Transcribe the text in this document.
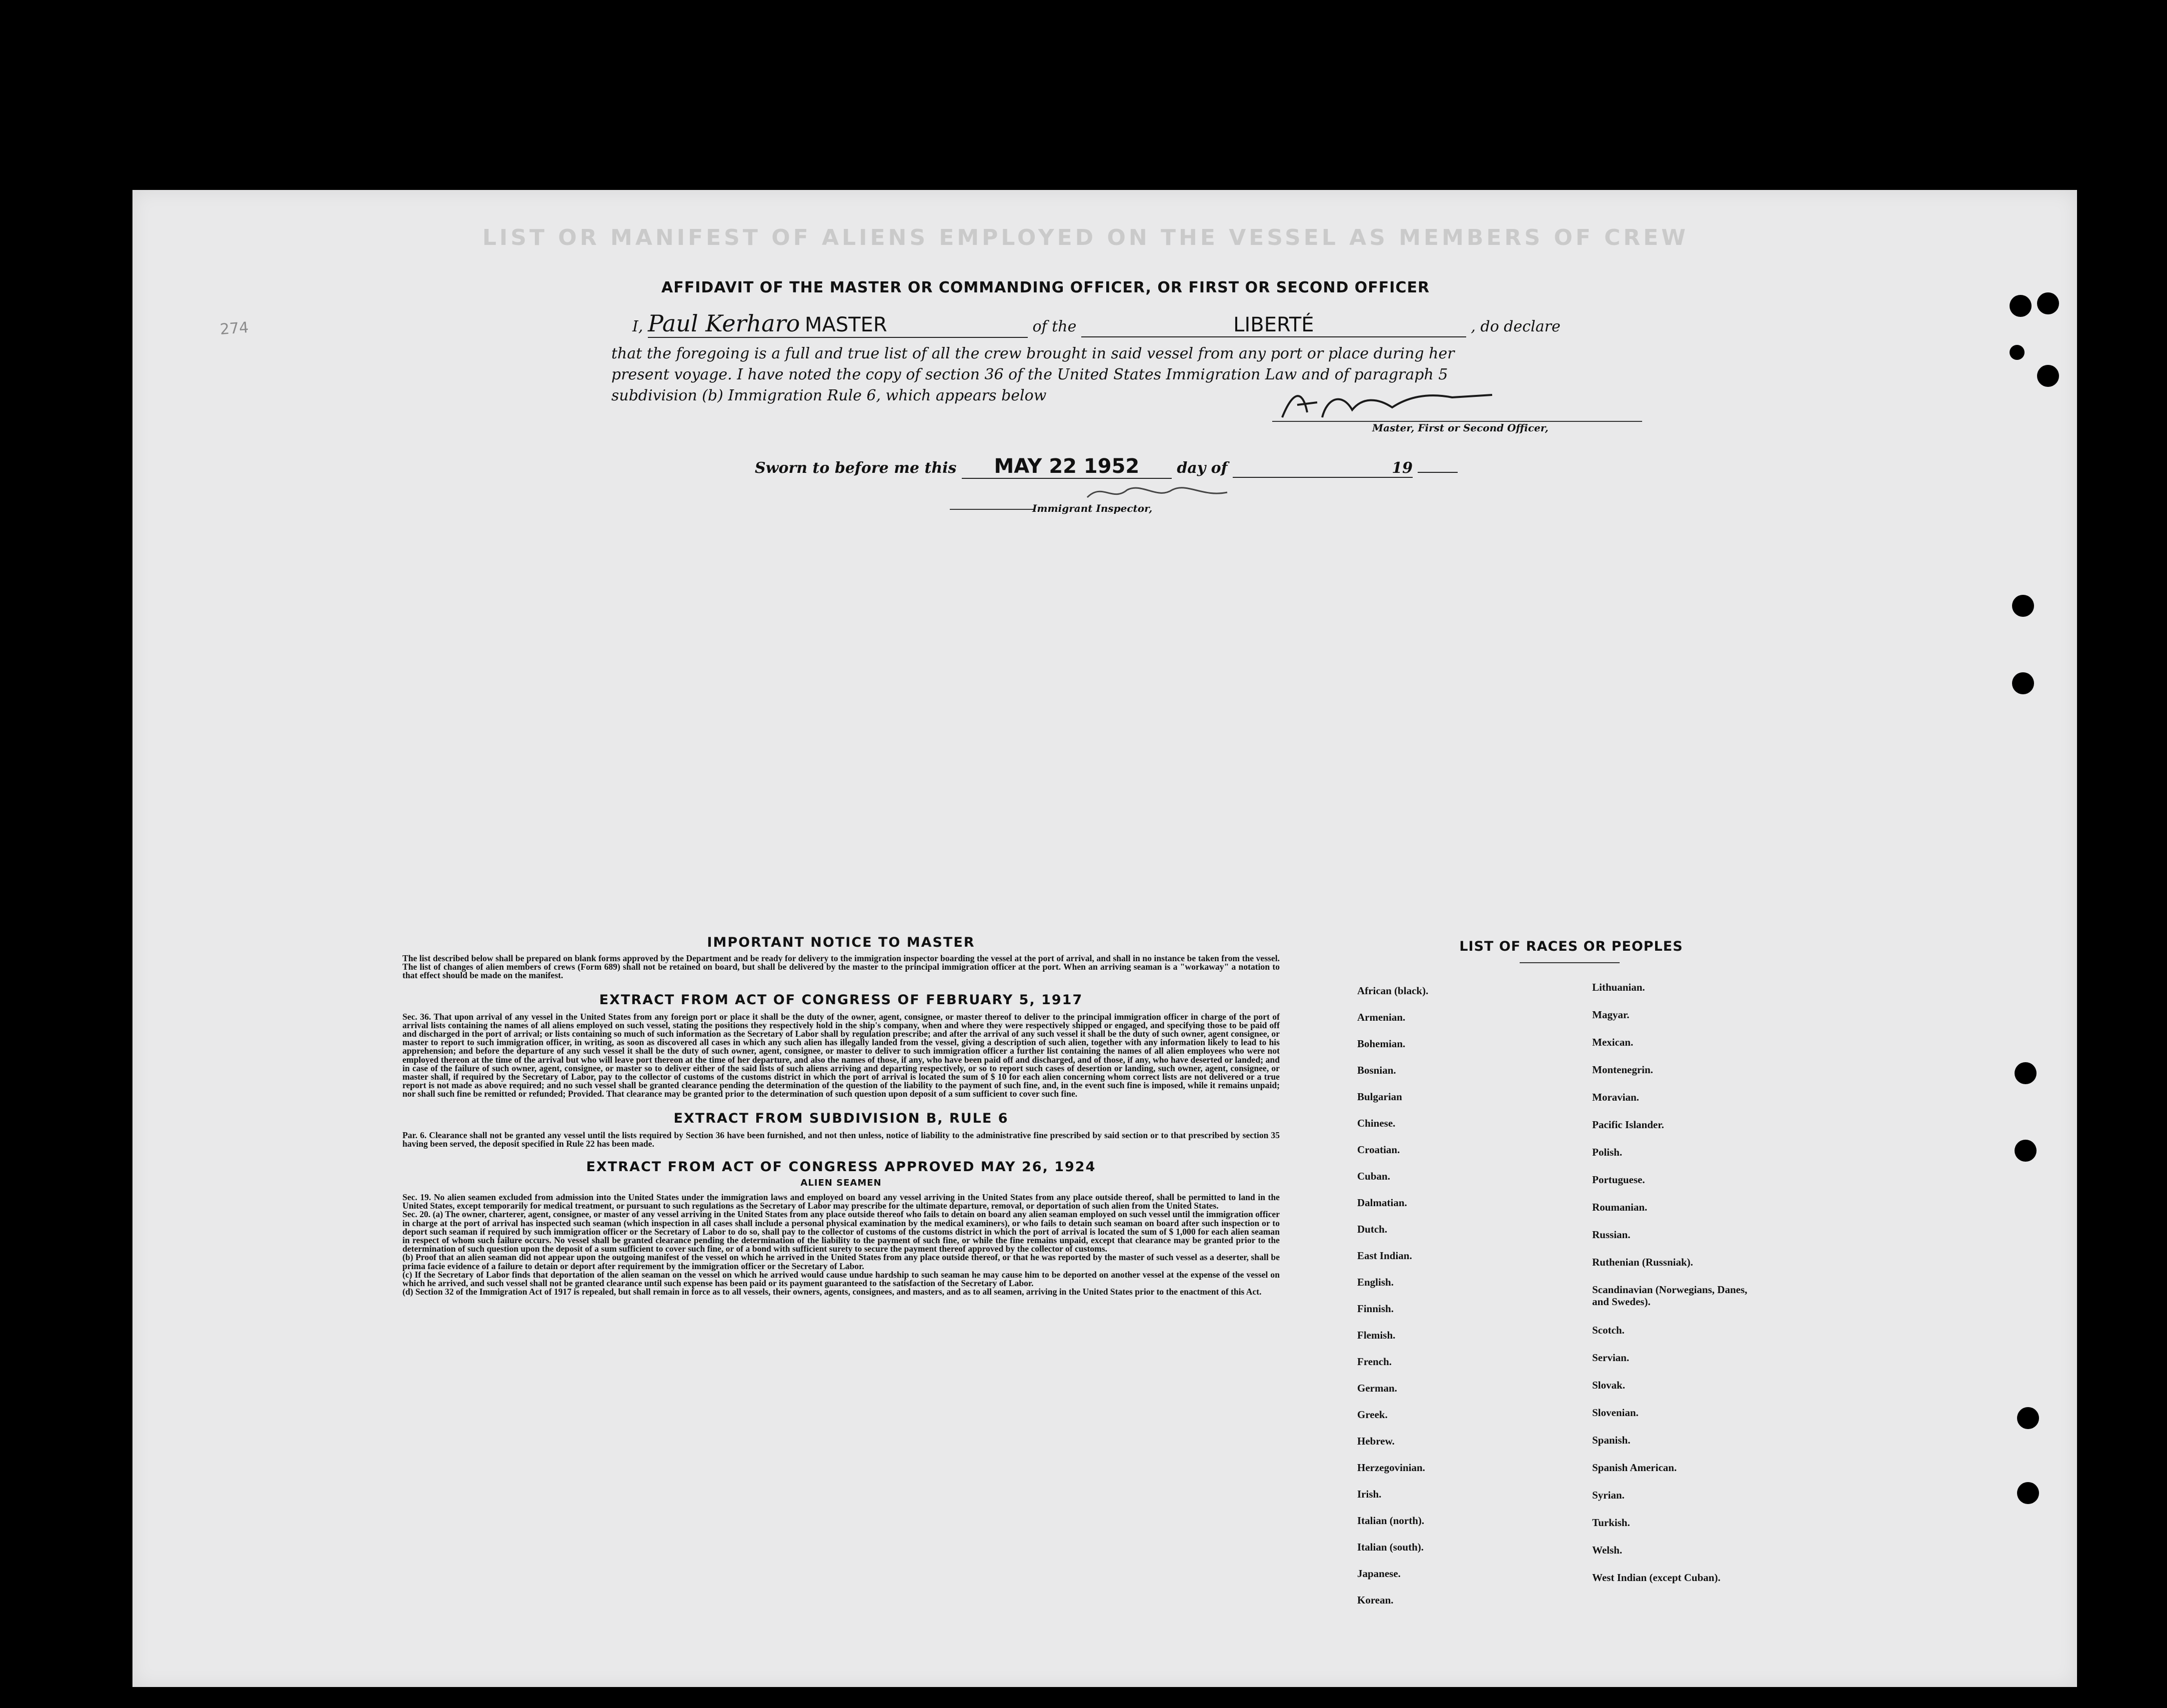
LIST OR MANIFEST OF ALIENS EMPLOYED ON THE VESSEL AS MEMBERS OF CREW
274
AFFIDAVIT OF THE MASTER OR COMMANDING OFFICER, OR FIRST OR SECOND OFFICER
I, Paul Kerharo MASTER	of the	LIBERTÉ	, do declare
that the foregoing is a full and true list of all the crew brought in said vessel from any port or place during her
present voyage. I have noted the copy of section 36 of the United States Immigration Law and of paragraph 5
subdivision (b) Immigration Rule 6, which appears below
Master, First or Second Officer,
Sworn to before me this MAY 22 1952	day of	19
Immigrant Inspector,
IMPORTANT NOTICE TO MASTER

The list described below shall be prepared on blank forms approved by the Department and be ready for delivery to the immigration inspector boarding the vessel at the port of arrival, and shall in no instance be taken from the vessel. The list of changes of alien members of crews (Form 689) shall not be retained on board, but shall be delivered by the master to the principal immigration officer at the port. When an arriving seaman is a "workaway" a notation to that effect should be made on the manifest.

EXTRACT FROM ACT OF CONGRESS OF FEBRUARY 5, 1917

Sec. 36. That upon arrival of any vessel in the United States from any foreign port or place it shall be the duty of the owner, agent, consignee, or master thereof to deliver to the principal immigration officer in charge of the port of arrival lists containing the names of all aliens employed on such vessel, stating the positions they respectively hold in the ship's company, when and where they were respectively shipped or engaged, and specifying those to be paid off and discharged in the port of arrival; or lists containing so much of such information as the Secretary of Labor shall by regulation prescribe; and after the arrival of any such vessel it shall be the duty of such owner, agent consignee, or master to report to such immigration officer, in writing, as soon as discovered all cases in which any such alien has illegally landed from the vessel, giving a description of such alien, together with any information likely to lead to his apprehension; and before the departure of any such vessel it shall be the duty of such owner, agent, consignee, or master to deliver to such immigration officer a further list containing the names of all alien employees who were not employed thereon at the time of the arrival but who will leave port thereon at the time of her departure, and also the names of those, if any, who have been paid off and discharged, and of those, if any, who have deserted or landed; and in case of the failure of such owner, agent, consignee, or master so to deliver either of the said lists of such aliens arriving and departing respectively, or so to report such cases of desertion or landing, such owner, agent, consignee, or master shall, if required by the Secretary of Labor, pay to the collector of customs of the customs district in which the port of arrival is located the sum of $ 10 for each alien concerning whom correct lists are not delivered or a true report is not made as above required; and no such vessel shall be granted clearance pending the determination of the question of the liability to the payment of such fine, and, in the event such fine is imposed, while it remains unpaid; nor shall such fine be remitted or refunded; Provided. That clearance may be granted prior to the determination of such question upon deposit of a sum sufficient to cover such fine.

EXTRACT FROM SUBDIVISION B, RULE 6

Par. 6. Clearance shall not be granted any vessel until the lists required by Section 36 have been furnished, and not then unless, notice of liability to the administrative fine prescribed by said section or to that prescribed by section 35 having been served, the deposit specified in Rule 22 has been made.

EXTRACT FROM ACT OF CONGRESS APPROVED MAY 26, 1924
ALIEN SEAMEN

Sec. 19. No alien seamen excluded from admission into the United States under the immigration laws and employed on board any vessel arriving in the United States from any place outside thereof, shall be permitted to land in the United States, except temporarily for medical treatment, or pursuant to such regulations as the Secretary of Labor may prescribe for the ultimate departure, removal, or deportation of such alien from the United States.

Sec. 20. (a) The owner, charterer, agent, consignee, or master of any vessel arriving in the United States from any place outside thereof who fails to detain on board any alien seaman employed on such vessel until the immigration officer in charge at the port of arrival has inspected such seaman (which inspection in all cases shall include a personal physical examination by the medical examiners), or who fails to detain such seaman on board after such inspection or to deport such seaman if required by such immigration officer or the Secretary of Labor to do so, shall pay to the collector of customs of the customs district in which the port of arrival is located the sum of $ 1,000 for each alien seaman in respect of whom such failure occurs. No vessel shall be granted clearance pending the determination of the liability to the payment of such fine, or while the fine remains unpaid, except that clearance may be granted prior to the determination of such question upon the deposit of a sum sufficient to cover such fine, or of a bond with sufficient surety to secure the payment thereof approved by the collector of customs.

(b) Proof that an alien seaman did not appear upon the outgoing manifest of the vessel on which he arrived in the United States from any place outside thereof, or that he was reported by the master of such vessel as a deserter, shall be prima facie evidence of a failure to detain or deport after requirement by the immigration officer or the Secretary of Labor.

(c) If the Secretary of Labor finds that deportation of the alien seaman on the vessel on which he arrived would cause undue hardship to such seaman he may cause him to be deported on another vessel at the expense of the vessel on which he arrived, and such vessel shall not be granted clearance until such expense has been paid or its payment guaranteed to the satisfaction of the Secretary of Labor.

(d) Section 32 of the Immigration Act of 1917 is repealed, but shall remain in force as to all vessels, their owners, agents, consignees, and masters, and as to all seamen, arriving in the United States prior to the enactment of this Act.

LIST OF RACES OR PEOPLES
African (black).
Armenian.
Bohemian.
Bosnian.
Bulgarian
Chinese.
Croatian.
Cuban.
Dalmatian.
Dutch.
East Indian.
English.
Finnish.
Flemish.
French.
German.
Greek.
Hebrew.
Herzegovinian.
Irish.
Italian (north).
Italian (south).
Japanese.
Korean.
Lithuanian.
Magyar.
Mexican.
Montenegrin.
Moravian.
Pacific Islander.
Polish.
Portuguese.
Roumanian.
Russian.
Ruthenian (Russniak).
Scandinavian (Norwegians, Danes, and Swedes).
Scotch.
Servian.
Slovak.
Slovenian.
Spanish.
Spanish American.
Syrian.
Turkish.
Welsh.
West Indian (except Cuban).
